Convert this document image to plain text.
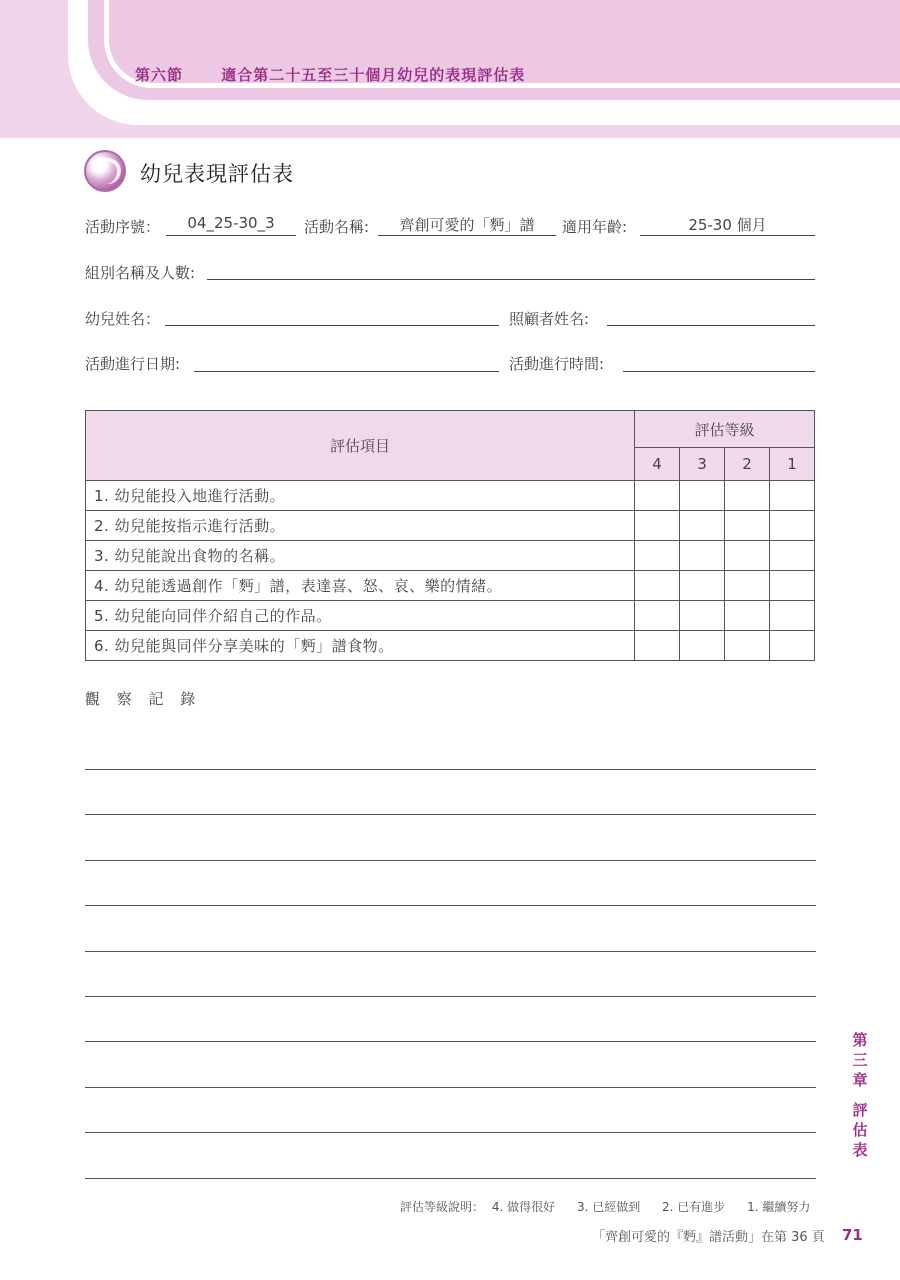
第六節	適合第二十五至三十個月幼兒的表現評估表
幼兒表現評估表
活動序號：	04_25-30_3	活動名稱:	齊創可愛的「麪」譜	適用年齡:	25-30 個月
組別名稱及人數:
幼兒姓名：	照顧者姓名:
活動進行日期:	活動進行時間:
評估項目	評估等級			
	4	3	2	1
1. 幼兒能投入地進行活動。				
2. 幼兒能按指示進行活動。				
3. 幼兒能說出食物的名稱。				
4. 幼兒能透過創作「麪」譜，表達喜、怒、哀、樂的情緒。				
5. 幼兒能向同伴介紹自己的作品。				
6. 幼兒能與同伴分享美味的「麪」譜食物。				
觀 察 記 錄
第
三
章
評
估
表
評估等級說明： 4. 做得很好 3. 已經做到 2. 已有進步 1. 繼續努力
「齊創可愛的『麪』譜活動」在第 36 頁 71
